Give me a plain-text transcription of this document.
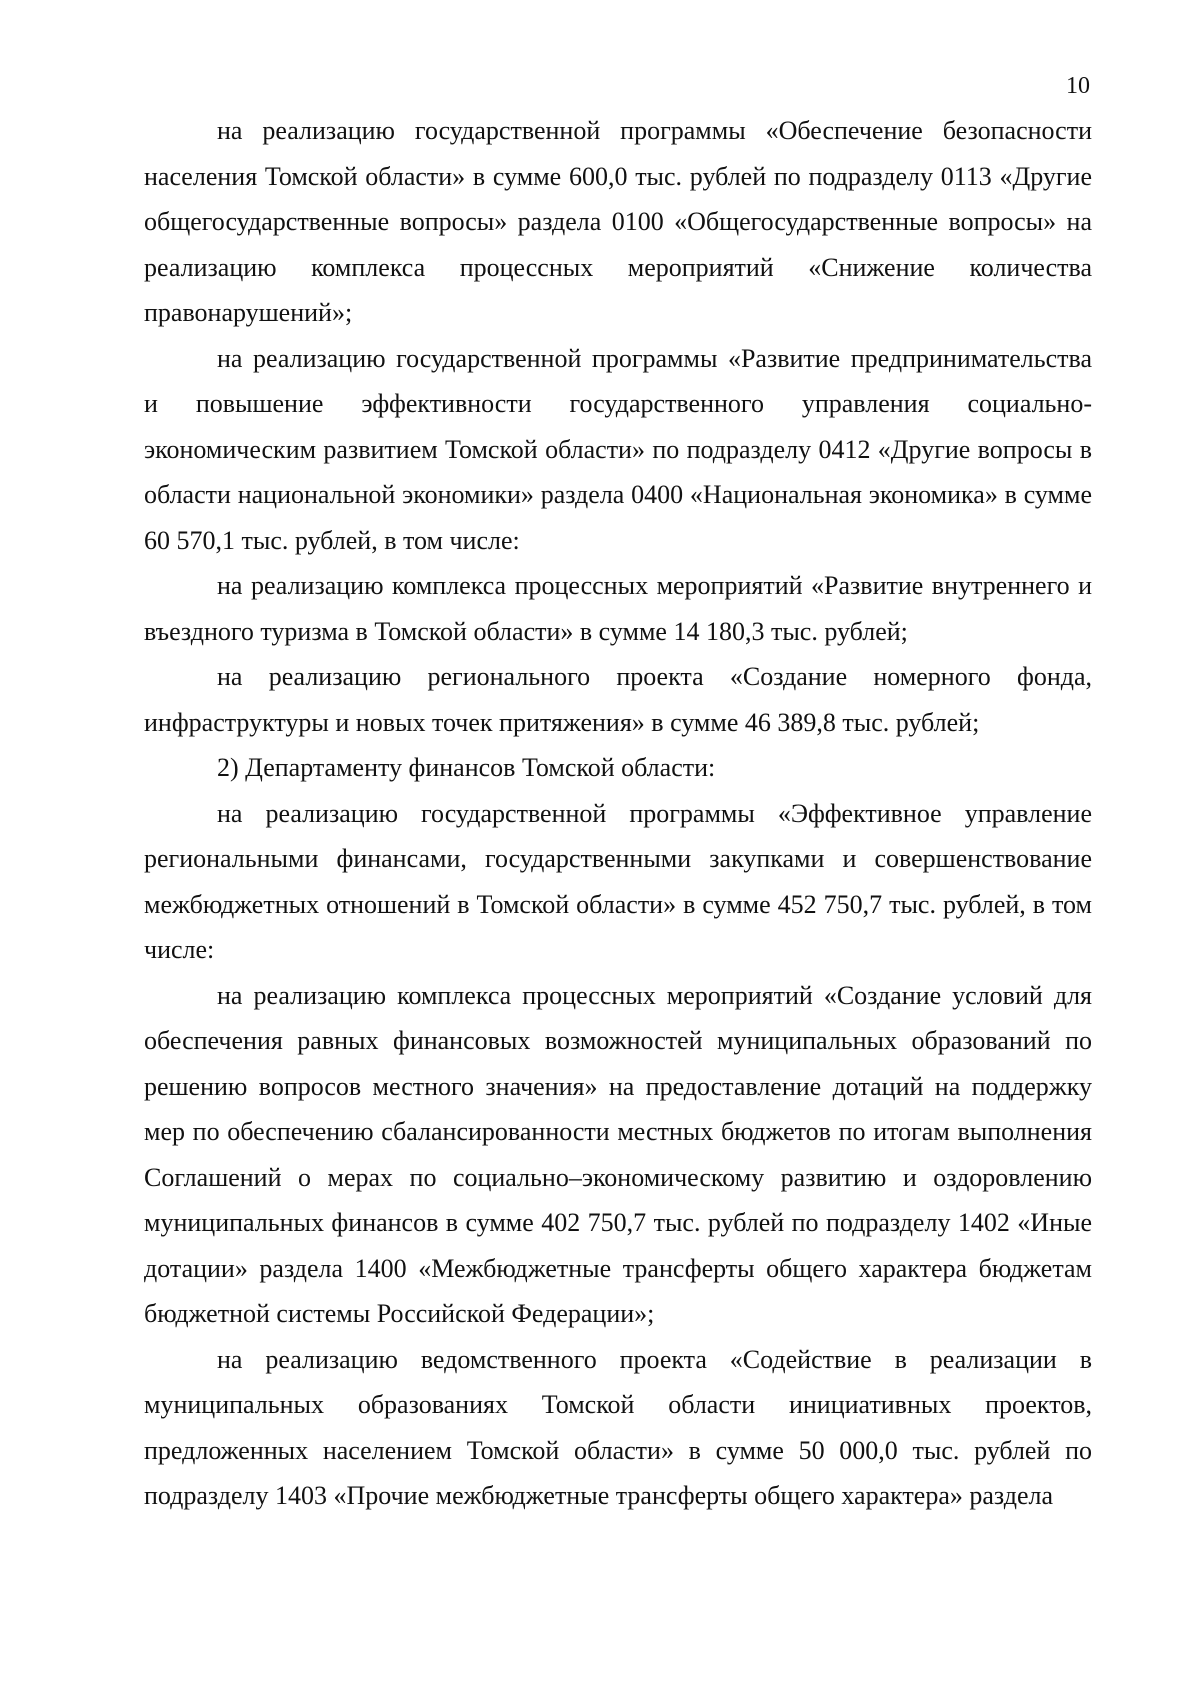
10

на реализацию государственной программы «Обеспечение безопасности населения Томской области» в сумме 600,0 тыс. рублей по подразделу 0113 «Другие общегосударственные вопросы» раздела 0100 «Общегосударственные вопросы» на реализацию комплекса процессных мероприятий «Снижение количества правонарушений»;

на реализацию государственной программы «Развитие предпринимательства и повышение эффективности государственного управления социально-экономическим развитием Томской области» по подразделу 0412 «Другие вопросы в области национальной экономики» раздела 0400 «Национальная экономика» в сумме 60 570,1 тыс. рублей, в том числе:

на реализацию комплекса процессных мероприятий «Развитие внутреннего и въездного туризма в Томской области» в сумме 14 180,3 тыс. рублей;

на реализацию регионального проекта «Создание номерного фонда, инфраструктуры и новых точек притяжения» в сумме 46 389,8 тыс. рублей;

2) Департаменту финансов Томской области:

на реализацию государственной программы «Эффективное управление региональными финансами, государственными закупками и совершенствование межбюджетных отношений в Томской области» в сумме 452 750,7 тыс. рублей, в том числе:

на реализацию комплекса процессных мероприятий «Создание условий для обеспечения равных финансовых возможностей муниципальных образований по решению вопросов местного значения» на предоставление дотаций на поддержку мер по обеспечению сбалансированности местных бюджетов по итогам выполнения Соглашений о мерах по социально–экономическому развитию и оздоровлению муниципальных финансов в сумме 402 750,7 тыс. рублей по подразделу 1402 «Иные дотации» раздела 1400 «Межбюджетные трансферты общего характера бюджетам бюджетной системы Российской Федерации»;

на реализацию ведомственного проекта «Содействие в реализации в муниципальных образованиях Томской области инициативных проектов, предложенных населением Томской области» в сумме 50 000,0 тыс. рублей по подразделу 1403 «Прочие межбюджетные трансферты общего характера» раздела
